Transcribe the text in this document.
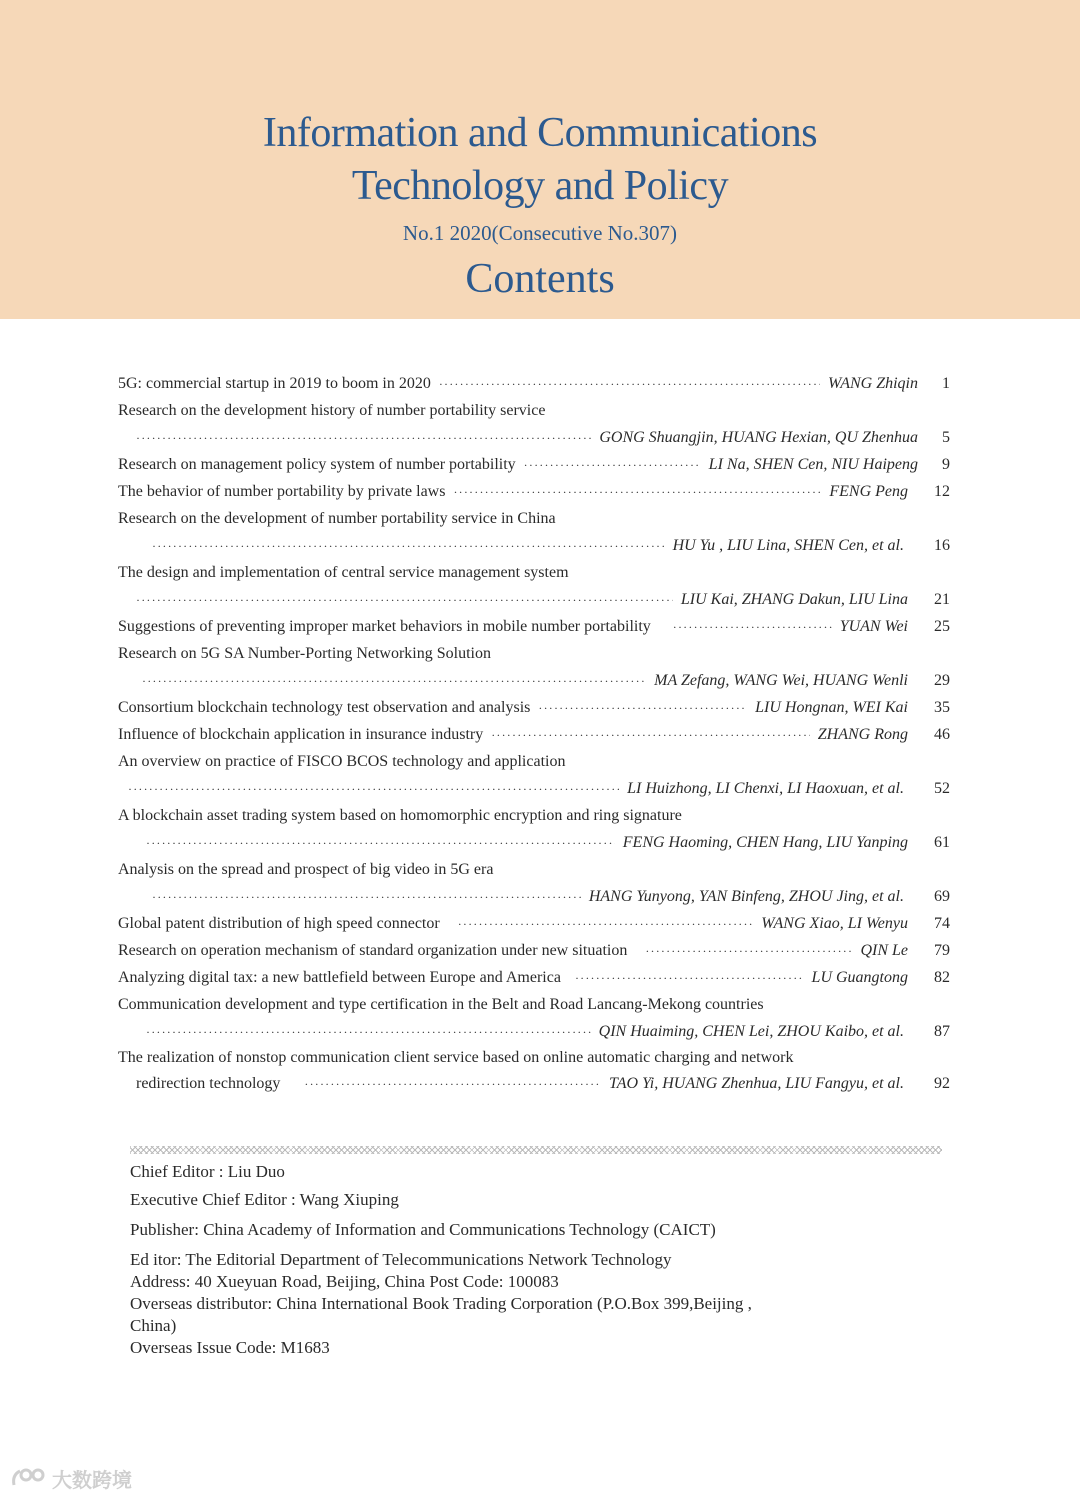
Information and Communications
Technology and Policy
No.1 2020(Consecutive No.307)
Contents
5G: commercial startup in 2019 to boom in 2020 ·····	WANG Zhiqin	1
Research on the development history of number portability service
·····
GONG Shuangjin, HUANG Hexian, QU Zhenhua	5
Research on management policy system of number portability ·····	LI Na, SHEN Cen, NIU Haipeng	9
The behavior of number portability by private laws ·····	FENG Peng	12
Research on the development of number portability service in China
·····
HU Yu , LIU Lina, SHEN Cen, et al.	16
The design and implementation of central service management system
·····
LIU Kai, ZHANG Dakun, LIU Lina	21
Suggestions of preventing improper market behaviors in mobile number portability ·····	YUAN Wei	25
Research on 5G SA Number-Porting Networking Solution
·····
MA Zefang, WANG Wei, HUANG Wenli	29
Consortium blockchain technology test observation and analysis ·····	LIU Hongnan, WEI Kai	35
Influence of blockchain application in insurance industry ·····	ZHANG Rong	46
An overview on practice of FISCO BCOS technology and application
·····
LI Huizhong, LI Chenxi, LI Haoxuan, et al.	52
A blockchain asset trading system based on homomorphic encryption and ring signature
·····
FENG Haoming, CHEN Hang, LIU Yanping	61
Analysis on the spread and prospect of big video in 5G era
·····
HANG Yunyong, YAN Binfeng, ZHOU Jing, et al.	69
Global patent distribution of high speed connector ·····	WANG Xiao, LI Wenyu	74
Research on operation mechanism of standard organization under new situation ·····	QIN Le	79
Analyzing digital tax: a new battlefield between Europe and America ·····	LU Guangtong	82
Communication development and type certification in the Belt and Road Lancang-Mekong countries
·····
QIN Huaiming, CHEN Lei, ZHOU Kaibo, et al.	87
The realization of nonstop communication client service based on online automatic charging and network
redirection technology ·····	TAO Yi, HUANG Zhenhua, LIU Fangyu, et al.	92
Chief Editor : Liu Duo
Executive Chief Editor : Wang Xiuping
Publisher: China Academy of Information and Communications Technology (CAICT)
Ed itor: The Editorial Department of Telecommunications Network Technology
Address: 40 Xueyuan Road, Beijing, China Post Code: 100083
Overseas distributor: China International Book Trading Corporation (P.O.Box 399,Beijing ,
China)
Overseas Issue Code: M1683
大数跨境
